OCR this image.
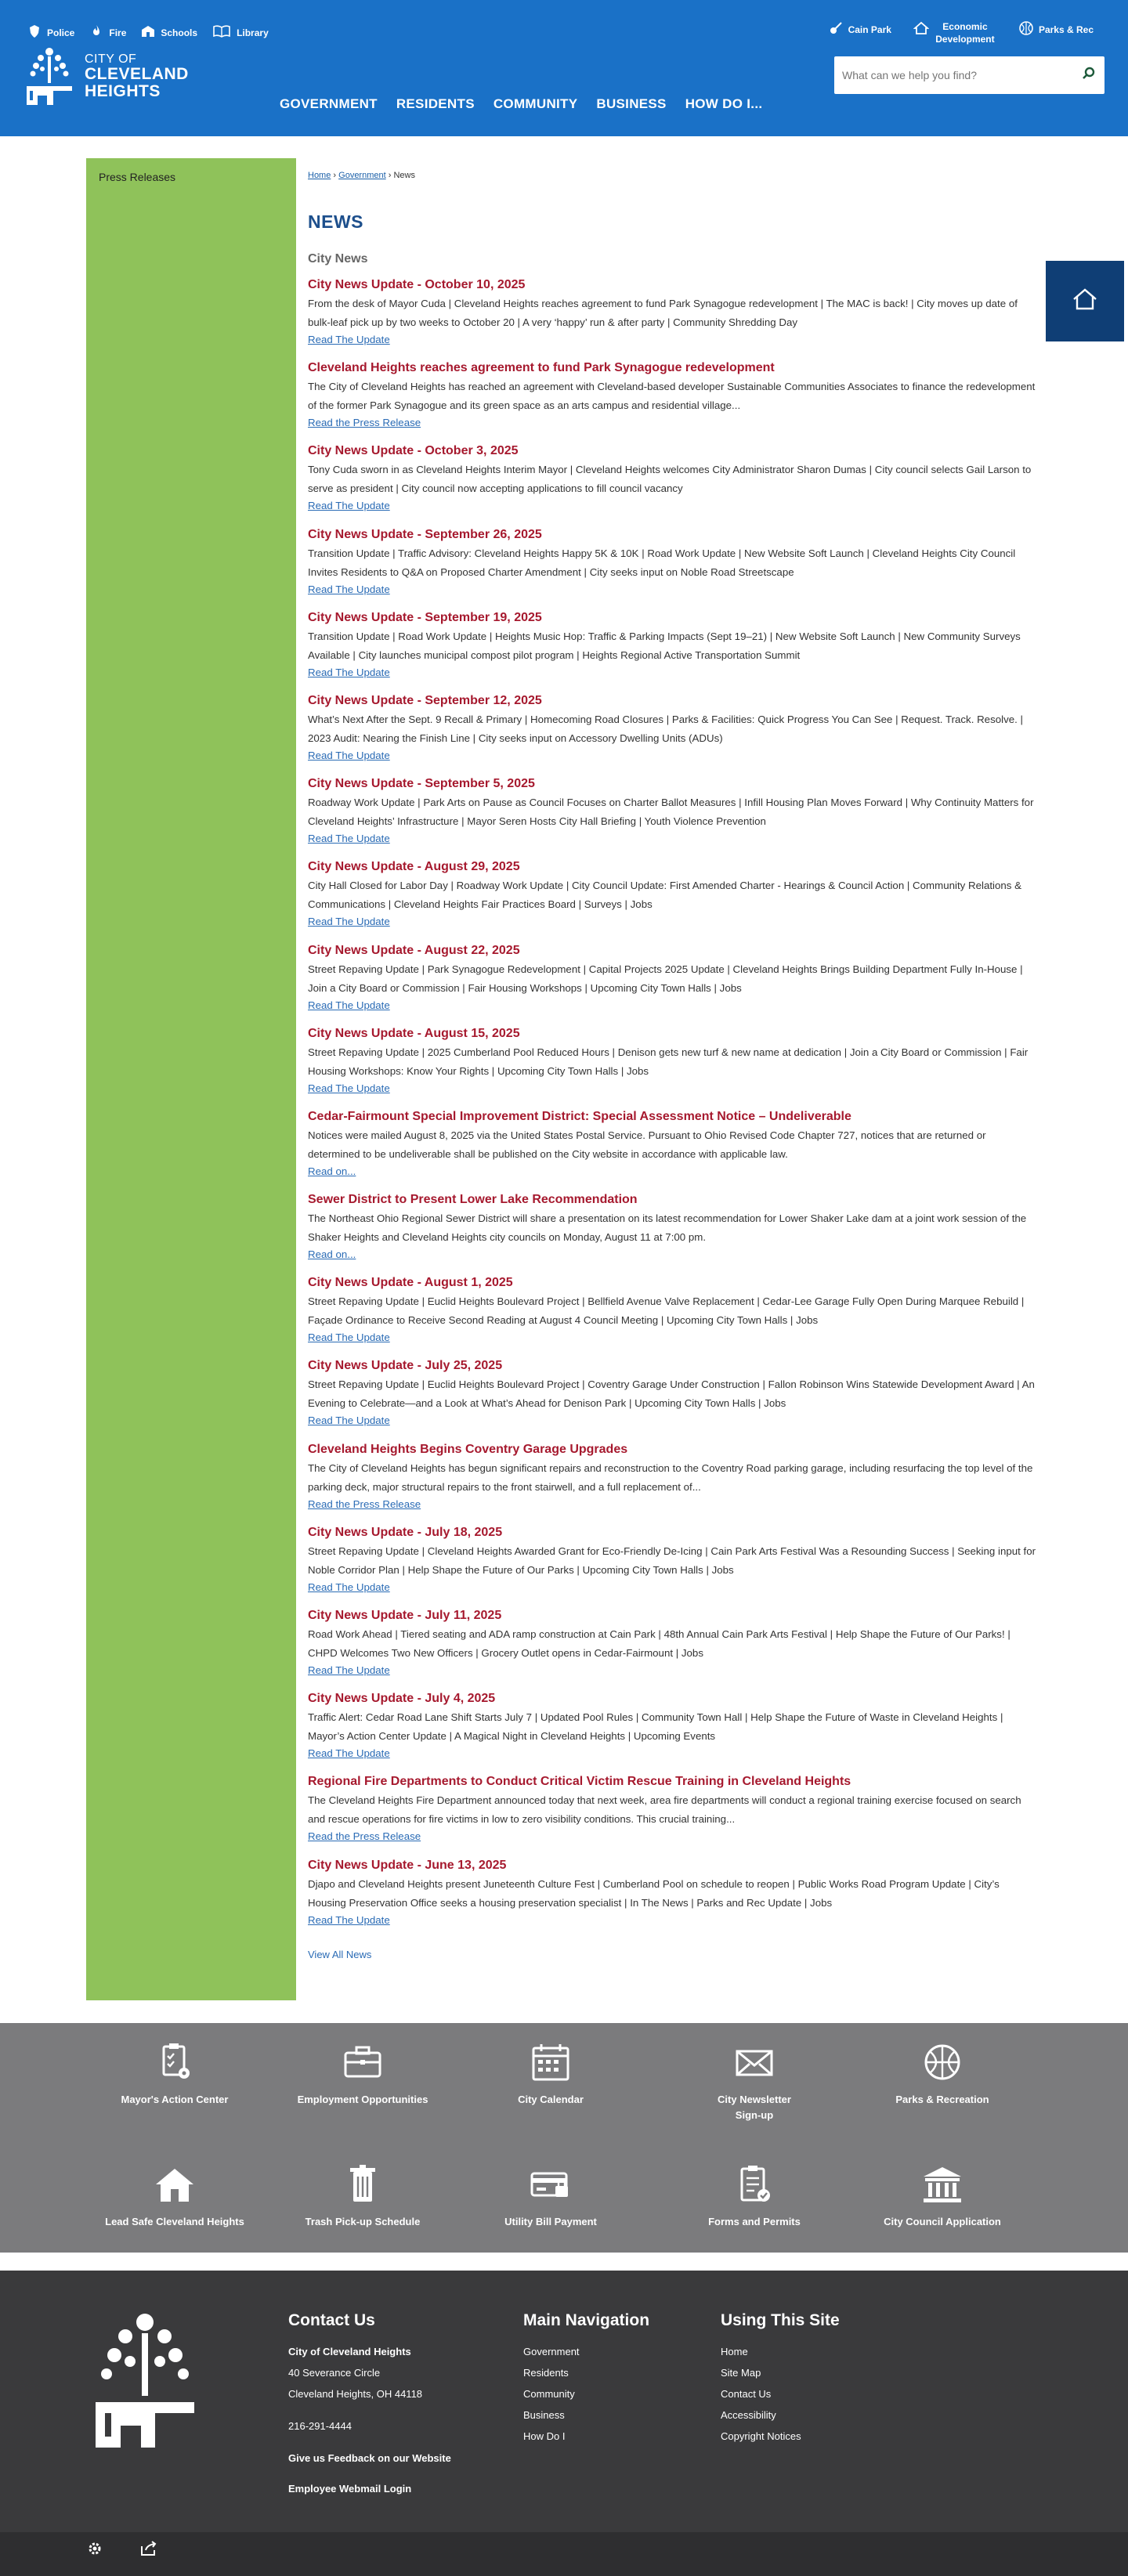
Police	Fire	Schools	Library
CITY OF
CLEVELAND
HEIGHTS
GOVERNMENT	RESIDENTS	COMMUNITY	BUSINESS	HOW DO I...
Cain Park	Economic Development
Parks & Rec
What can we help you find?
Press Releases	Home › Government › News
NEWS
City News
City News Update - October 10, 2025
From the desk of Mayor Cuda | Cleveland Heights reaches agreement to fund Park Synagogue redevelopment | The MAC is back! | City moves up date of bulk-leaf pick up by two weeks to October 20 | A very ‘happy’ run & after party | Community Shredding Day
Read The Update
Cleveland Heights reaches agreement to fund Park Synagogue redevelopment
The City of Cleveland Heights has reached an agreement with Cleveland-based developer Sustainable Communities Associates to finance the redevelopment of the former Park Synagogue and its green space as an arts campus and residential village...
Read the Press Release
City News Update - October 3, 2025
Tony Cuda sworn in as Cleveland Heights Interim Mayor | Cleveland Heights welcomes City Administrator Sharon Dumas | City council selects Gail Larson to serve as president | City council now accepting applications to fill council vacancy
Read The Update
City News Update - September 26, 2025
Transition Update | Traffic Advisory: Cleveland Heights Happy 5K & 10K | Road Work Update | New Website Soft Launch | Cleveland Heights City Council Invites Residents to Q&A on Proposed Charter Amendment | City seeks input on Noble Road Streetscape
Read The Update
City News Update - September 19, 2025
Transition Update | Road Work Update | Heights Music Hop: Traffic & Parking Impacts (Sept 19–21) | New Website Soft Launch | New Community Surveys Available | City launches municipal compost pilot program | Heights Regional Active Transportation Summit
Read The Update
City News Update - September 12, 2025
What’s Next After the Sept. 9 Recall & Primary | Homecoming Road Closures | Parks & Facilities: Quick Progress You Can See | Request. Track. Resolve. | 2023 Audit: Nearing the Finish Line | City seeks input on Accessory Dwelling Units (ADUs)
Read The Update
City News Update - September 5, 2025
Roadway Work Update | Park Arts on Pause as Council Focuses on Charter Ballot Measures | Infill Housing Plan Moves Forward | Why Continuity Matters for Cleveland Heights’ Infrastructure | Mayor Seren Hosts City Hall Briefing | Youth Violence Prevention
Read The Update
City News Update - August 29, 2025
City Hall Closed for Labor Day | Roadway Work Update | City Council Update: First Amended Charter - Hearings & Council Action | Community Relations & Communications | Cleveland Heights Fair Practices Board | Surveys | Jobs
Read The Update
City News Update - August 22, 2025
Street Repaving Update | Park Synagogue Redevelopment | Capital Projects 2025 Update | Cleveland Heights Brings Building Department Fully In-House | Join a City Board or Commission | Fair Housing Workshops | Upcoming City Town Halls | Jobs
Read The Update
City News Update - August 15, 2025
Street Repaving Update | 2025 Cumberland Pool Reduced Hours | Denison gets new turf & new name at dedication | Join a City Board or Commission | Fair Housing Workshops: Know Your Rights | Upcoming City Town Halls | Jobs
Read The Update
Cedar-Fairmount Special Improvement District: Special Assessment Notice – Undeliverable
Notices were mailed August 8, 2025 via the United States Postal Service. Pursuant to Ohio Revised Code Chapter 727, notices that are returned or determined to be undeliverable shall be published on the City website in accordance with applicable law.
Read on...
Sewer District to Present Lower Lake Recommendation
The Northeast Ohio Regional Sewer District will share a presentation on its latest recommendation for Lower Shaker Lake dam at a joint work session of the Shaker Heights and Cleveland Heights city councils on Monday, August 11 at 7:00 pm.
Read on...
City News Update - August 1, 2025
Street Repaving Update | Euclid Heights Boulevard Project | Bellfield Avenue Valve Replacement | Cedar-Lee Garage Fully Open During Marquee Rebuild | Façade Ordinance to Receive Second Reading at August 4 Council Meeting | Upcoming City Town Halls | Jobs
Read The Update
City News Update - July 25, 2025
Street Repaving Update | Euclid Heights Boulevard Project | Coventry Garage Under Construction | Fallon Robinson Wins Statewide Development Award | An Evening to Celebrate—and a Look at What’s Ahead for Denison Park | Upcoming City Town Halls | Jobs
Read The Update
Cleveland Heights Begins Coventry Garage Upgrades
The City of Cleveland Heights has begun significant repairs and reconstruction to the Coventry Road parking garage, including resurfacing the top level of the parking deck, major structural repairs to the front stairwell, and a full replacement of...
Read the Press Release
City News Update - July 18, 2025
Street Repaving Update | Cleveland Heights Awarded Grant for Eco-Friendly De-Icing | Cain Park Arts Festival Was a Resounding Success | Seeking input for Noble Corridor Plan | Help Shape the Future of Our Parks | Upcoming City Town Halls | Jobs
Read The Update
City News Update - July 11, 2025
Road Work Ahead | Tiered seating and ADA ramp construction at Cain Park | 48th Annual Cain Park Arts Festival | Help Shape the Future of Our Parks! | CHPD Welcomes Two New Officers | Grocery Outlet opens in Cedar-Fairmount | Jobs
Read The Update
City News Update - July 4, 2025
Traffic Alert: Cedar Road Lane Shift Starts July 7 | Updated Pool Rules | Community Town Hall | Help Shape the Future of Waste in Cleveland Heights | Mayor’s Action Center Update | A Magical Night in Cleveland Heights | Upcoming Events
Read The Update
Regional Fire Departments to Conduct Critical Victim Rescue Training in Cleveland Heights
The Cleveland Heights Fire Department announced today that next week, area fire departments will conduct a regional training exercise focused on search and rescue operations for fire victims in low to zero visibility conditions. This crucial training...
Read the Press Release
City News Update - June 13, 2025
Djapo and Cleveland Heights present Juneteenth Culture Fest | Cumberland Pool on schedule to reopen | Public Works Road Program Update | City’s Housing Preservation Office seeks a housing preservation specialist | In The News | Parks and Rec Update | Jobs
Read The Update
View All News
Mayor's Action Center	Employment Opportunities	City Calendar	City Newsletter Sign-up
Parks & Recreation
Lead Safe Cleveland Heights	Trash Pick-up Schedule	Utility Bill Payment	Forms and Permits	City Council Application
Contact Us
City of Cleveland Heights
40 Severance Circle
Cleveland Heights, OH 44118
216-291-4444
Give us Feedback on our Website
Employee Webmail Login
Main Navigation
Government
Residents
Community
Business
How Do I
Using This Site
Home
Site Map
Contact Us
Accessibility
Copyright Notices
